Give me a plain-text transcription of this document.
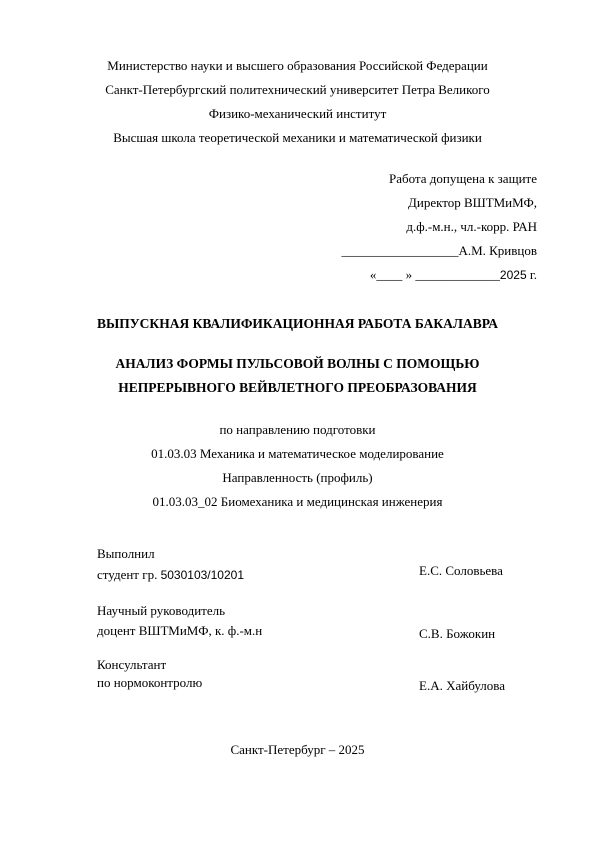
Министерство науки и высшего образования Российской Федерации
Санкт-Петербургский политехнический университет Петра Великого
Физико-механический институт
Высшая школа теоретической механики и математической физики
Работа допущена к защите
Директор ВШТМиМФ,
д.ф.-м.н., чл.-корр. РАН
__________________А.М. Кривцов
«____ » _____________2025 г.
ВЫПУСКНАЯ КВАЛИФИКАЦИОННАЯ РАБОТА БАКАЛАВРА
АНАЛИЗ ФОРМЫ ПУЛЬСОВОЙ ВОЛНЫ С ПОМОЩЬЮ
НЕПРЕРЫВНОГО ВЕЙВЛЕТНОГО ПРЕОБРАЗОВАНИЯ
по направлению подготовки
01.03.03 Механика и математическое моделирование
Направленность (профиль)
01.03.03_02 Биомеханика и медицинская инженерия
Выполнил
студент гр. 5030103/10201	Е.С. Соловьева
Научный руководитель
доцент ВШТМиМФ, к. ф.-м.н	С.В. Божокин
Консультант
по нормоконтролю	Е.А. Хайбулова
Санкт-Петербург – 2025
